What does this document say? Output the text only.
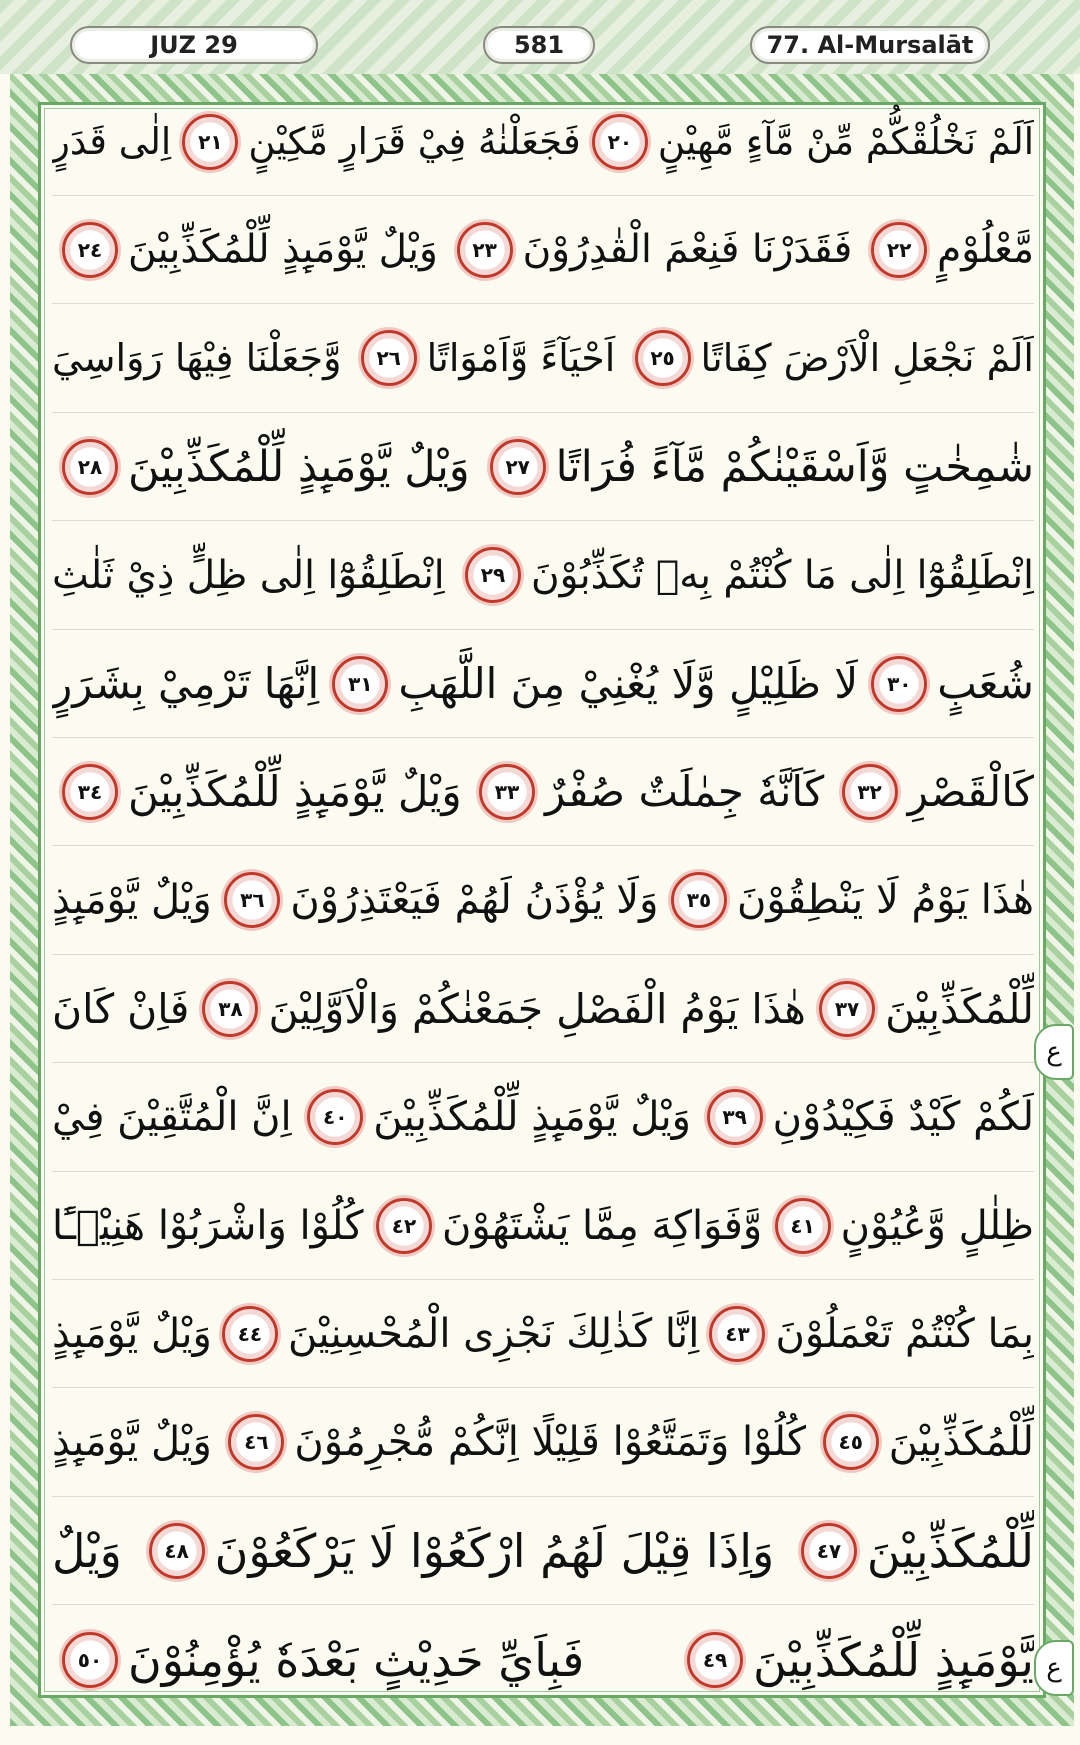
JUZ 29	581	77. Al-Mursalāt
اَلَمْ نَخْلُقْكُّمْ مِّنْ مَّآءٍ مَّهِيْنٍ
٢٠
فَجَعَلْنٰهُ فِيْ قَرَارٍ مَّكِيْنٍ
٢١
اِلٰى قَدَرٍ
مَّعْلُوْمٍ
٢٢
فَقَدَرْنَا فَنِعْمَ الْقٰدِرُوْنَ
٢٣
وَيْلٌ يَّوْمَىِٕذٍ لِّلْمُكَذِّبِيْنَ
٢٤
اَلَمْ نَجْعَلِ الْاَرْضَ كِفَاتًا
٢٥
اَحْيَآءً وَّاَمْوَاتًا
٢٦
وَّجَعَلْنَا فِيْهَا رَوَاسِيَ
شٰمِخٰتٍ وَّاَسْقَيْنٰكُمْ مَّآءً فُرَاتًا
٢٧
وَيْلٌ يَّوْمَىِٕذٍ لِّلْمُكَذِّبِيْنَ
٢٨
اِنْطَلِقُوْٓا اِلٰى مَا كُنْتُمْ بِهٖ تُكَذِّبُوْنَ
٢٩
اِنْطَلِقُوْٓا اِلٰى ظِلٍّ ذِيْ ثَلٰثِ
شُعَبٍ
٣٠
لَا ظَلِيْلٍ وَّلَا يُغْنِيْ مِنَ اللَّهَبِ
٣١
اِنَّهَا تَرْمِيْ بِشَرَرٍ
كَالْقَصْرِ
٣٢
كَاَنَّهٗ جِمٰلَتٌ صُفْرٌ
٣٣
وَيْلٌ يَّوْمَىِٕذٍ لِّلْمُكَذِّبِيْنَ
٣٤
هٰذَا يَوْمُ لَا يَنْطِقُوْنَ
٣٥
وَلَا يُؤْذَنُ لَهُمْ فَيَعْتَذِرُوْنَ
٣٦
وَيْلٌ يَّوْمَىِٕذٍ
لِّلْمُكَذِّبِيْنَ
٣٧
هٰذَا يَوْمُ الْفَصْلِ جَمَعْنٰكُمْ وَالْاَوَّلِيْنَ
٣٨
فَاِنْ كَانَ
لَكُمْ كَيْدٌ فَكِيْدُوْنِ
٣٩
وَيْلٌ يَّوْمَىِٕذٍ لِّلْمُكَذِّبِيْنَ
٤٠
اِنَّ الْمُتَّقِيْنَ فِيْ
ظِلٰلٍ وَّعُيُوْنٍ
٤١
وَّفَوَاكِهَ مِمَّا يَشْتَهُوْنَ
٤٢
كُلُوْا وَاشْرَبُوْا هَنِيْۤـًٔا
بِمَا كُنْتُمْ تَعْمَلُوْنَ
٤٣
اِنَّا كَذٰلِكَ نَجْزِى الْمُحْسِنِيْنَ
٤٤
وَيْلٌ يَّوْمَىِٕذٍ
لِّلْمُكَذِّبِيْنَ
٤٥
كُلُوْا وَتَمَتَّعُوْا قَلِيْلًا اِنَّكُمْ مُّجْرِمُوْنَ
٤٦
وَيْلٌ يَّوْمَىِٕذٍ
لِّلْمُكَذِّبِيْنَ
٤٧
وَاِذَا قِيْلَ لَهُمُ ارْكَعُوْا لَا يَرْكَعُوْنَ
٤٨
وَيْلٌ
يَّوْمَىِٕذٍ لِّلْمُكَذِّبِيْنَ
٤٩
فَبِاَيِّ حَدِيْثٍ بَعْدَهٗ يُؤْمِنُوْنَ
٥٠
ع
ع
